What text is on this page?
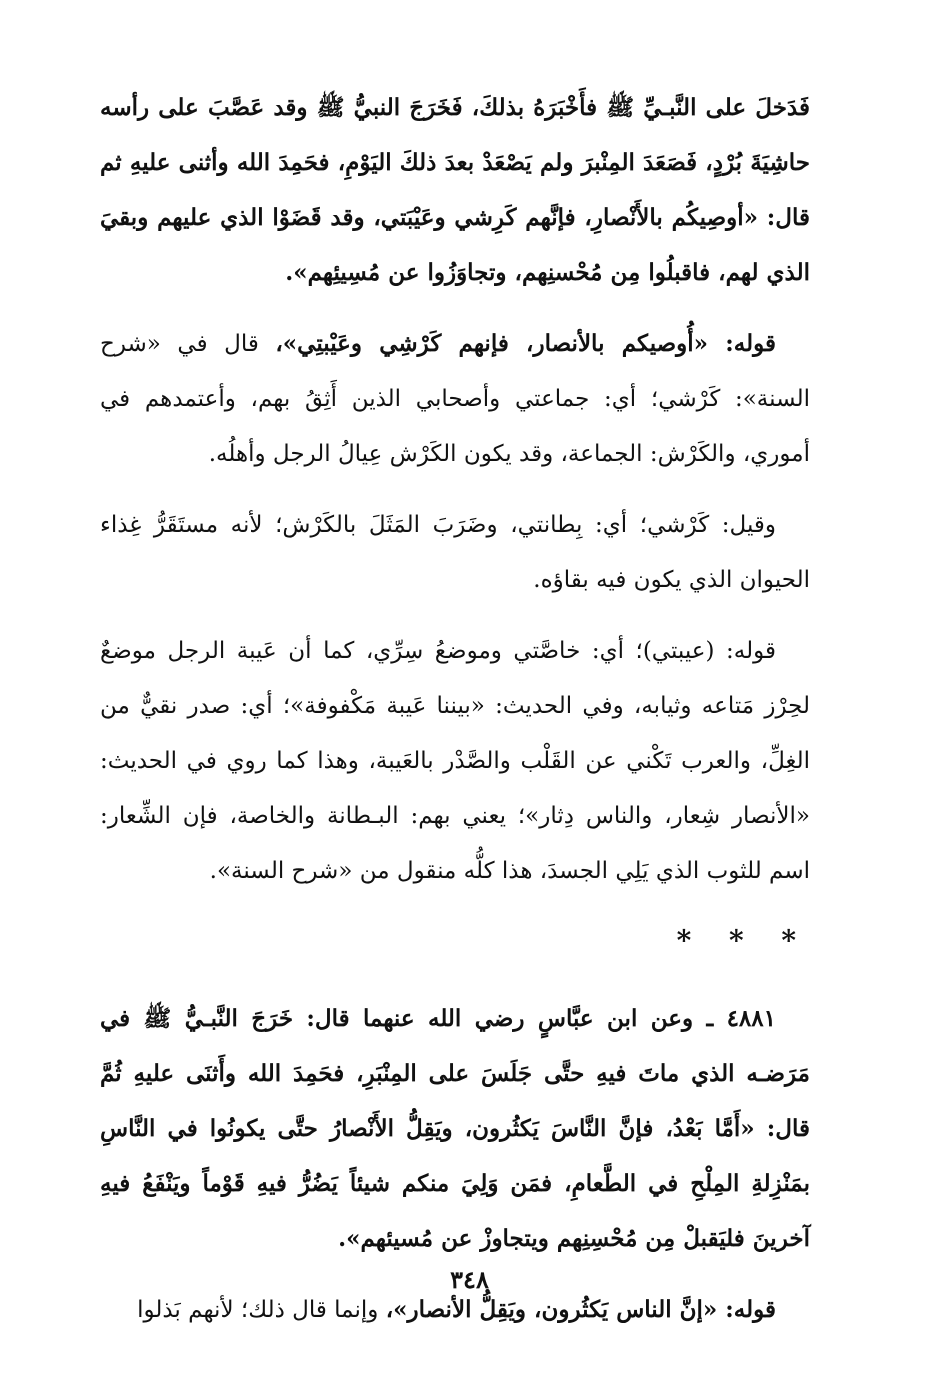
فَدَخلَ على النَّبـيِّ ﷺ فأَخْبَرَهُ بذلكَ، فَخَرَجَ النبيُّ ﷺ وقد عَصَّبَ على رأسه حاشِيَةَ بُرْدٍ، فَصَعَدَ المِنْبرَ ولم يَصْعَدْ بعدَ ذلكَ اليَوْمِ، فحَمِدَ الله وأثنى عليهِ ثم قال: «أوصِيكُم بالأَنْصارِ، فإنَّهم كَرِشي وعَيْبَتي، وقد قَضَوْا الذي عليهم وبقيَ الذي لهم، فاقبلُوا مِن مُحْسنِهم، وتجاوَزُوا عن مُسِيئِهم».

قوله: «أُوصيكم بالأنصار، فإنهم كَرْشِي وعَيْبتِي»، قال في «شرح السنة»: كَرْشي؛ أي: جماعتي وأصحابي الذين أَثِقُ بهم، وأعتمدهم في أموري، والكَرْش: الجماعة، وقد يكون الكَرْش عِيالُ الرجل وأهلُه.

وقيل: كَرْشي؛ أي: بِطانتي، وضَرَبَ المَثَلَ بالكَرْش؛ لأنه مستَقَرُّ غِذاء الحيوان الذي يكون فيه بقاؤه.

قوله: (عيبتي)؛ أي: خاصَّتي وموضعُ سِرِّي، كما أن عَيبة الرجل موضعٌ لحِرْز مَتاعه وثيابه، وفي الحديث: «بيننا عَيبة مَكْفوفة»؛ أي: صدر نقيٌّ من الغِلِّ، والعرب تَكْني عن القَلْب والصَّدْر بالعَيبة، وهذا كما روي في الحديث: «الأنصار شِعار، والناس دِثار»؛ يعني بهم: البـطانة والخاصة، فإن الشِّعار: اسم للثوب الذي يَلِي الجسدَ، هذا كلُّه منقول من «شرح السنة».

* * *

٤٨٨١ ـ وعن ابن عبَّاسٍ رضي الله عنهما قال: خَرَجَ النَّبـيُّ ﷺ في مَرَضـه الذي ماتَ فيهِ حتَّى جَلَسَ على المِنْبَرِ، فحَمِدَ الله وأَثنَى عليهِ ثُمَّ قال: «أَمَّا بَعْدُ، فإنَّ النَّاسَ يَكثُرون، ويَقِلُّ الأَنْصارُ حتَّى يكونُوا في النَّاسِ بمَنْزِلةِ المِلْحِ في الطَّعامِ، فمَن وَلِيَ منكم شيئاً يَضُرُّ فيهِ قَوْماً ويَنْفَعُ فيهِ آخرينَ فليَقبلْ مِن مُحْسِنِهم ويتجاوزْ عن مُسيئهم».

قوله: «إنَّ الناس يَكثُرون، ويَقِلُّ الأنصار»، وإنما قال ذلك؛ لأنهم بَذلوا

٣٤٨
